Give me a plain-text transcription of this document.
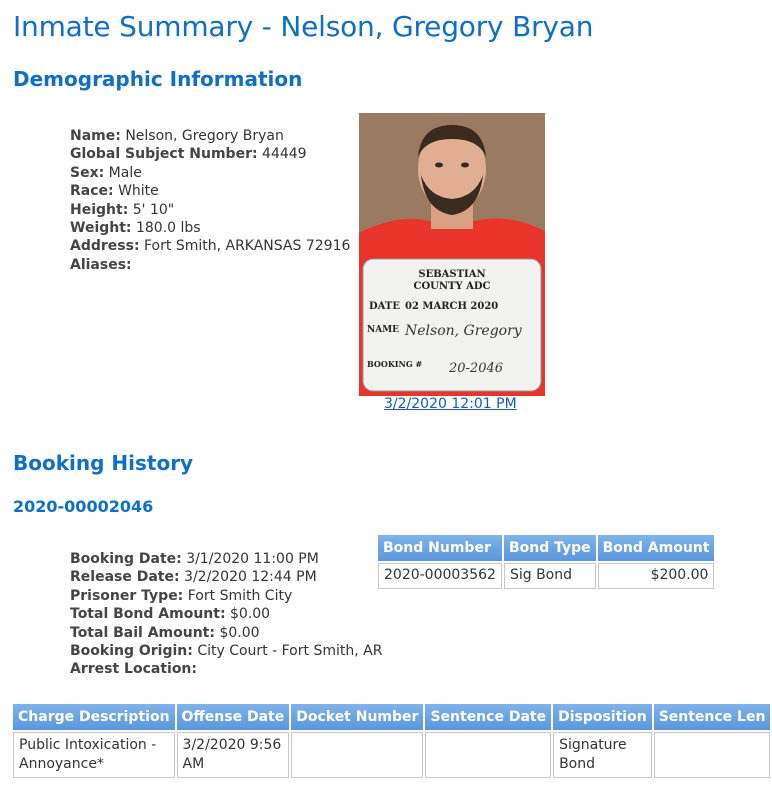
Inmate Summary - Nelson, Gregory Bryan
Demographic Information
Name: Nelson, Gregory Bryan
Global Subject Number: 44449
Sex: Male
Race: White
Height: 5' 10"
Weight: 180.0 lbs
Address: Fort Smith, ARKANSAS 72916
Aliases:
SEBASTIAN
COUNTY ADC
DATE 02 MARCH 2020
NAME Nelson, Gregory
BOOKING # 20-2046
3/2/2020 12:01 PM
Booking History
2020-00002046
Booking Date: 3/1/2020 11:00 PM
Release Date: 3/2/2020 12:44 PM
Prisoner Type: Fort Smith City
Total Bond Amount: $0.00
Total Bail Amount: $0.00
Booking Origin: City Court - Fort Smith, AR
Arrest Location:
Bond Number	Bond Type	Bond Amount
2020-00003562	Sig Bond	$200.00
Charge Description	Offense Date	Docket Number	Sentence Date	Disposition	Sentence Len
Public Intoxication - Annoyance*	3/2/2020 9:56 AM			Signature Bond	
